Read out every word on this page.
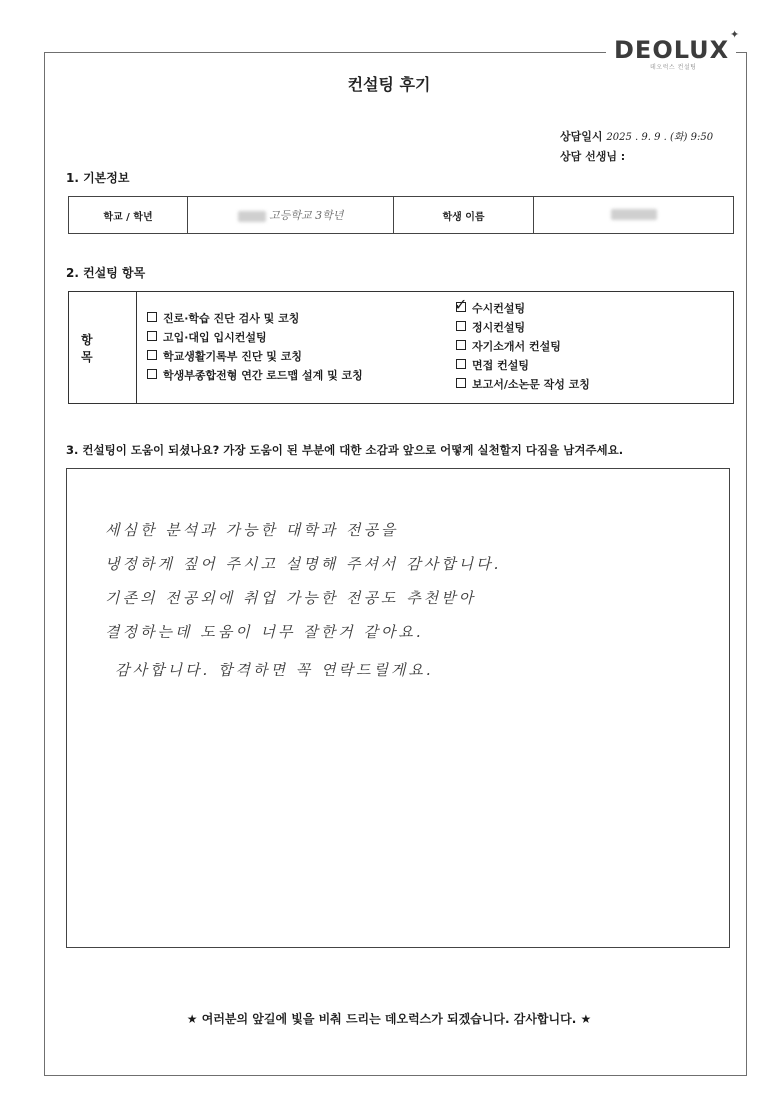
DEOLUX
✦
데오럭스 컨설팅
컨설팅 후기
상담일시 2025 . 9. 9 . (화) 9:50
상담 선생님 :
1. 기본정보
학교 / 학년	고등학교 3학년	학생 이름	
2. 컨설팅 항목
항 목
진로·학습 진단 검사 및 코칭
고입·대입 입시컨설팅
학교생활기록부 진단 및 코칭
학생부종합전형 연간 로드맵 설계 및 코칭
✓ 수시컨설팅
정시컨설팅
자기소개서 컨설팅
면접 컨설팅
보고서/소논문 작성 코칭
3. 컨설팅이 도움이 되셨나요? 가장 도움이 된 부분에 대한 소감과 앞으로 어떻게 실천할지 다짐을 남겨주세요.
세심한 분석과 가능한 대학과 전공을
냉정하게 짚어 주시고 설명해 주셔서 감사합니다.
기존의 전공외에 취업 가능한 전공도 추천받아
결정하는데 도움이 너무 잘한거 같아요.
감사합니다. 합격하면 꼭 연락드릴게요.
★ 여러분의 앞길에 빛을 비춰 드리는 데오럭스가 되겠습니다. 감사합니다. ★
